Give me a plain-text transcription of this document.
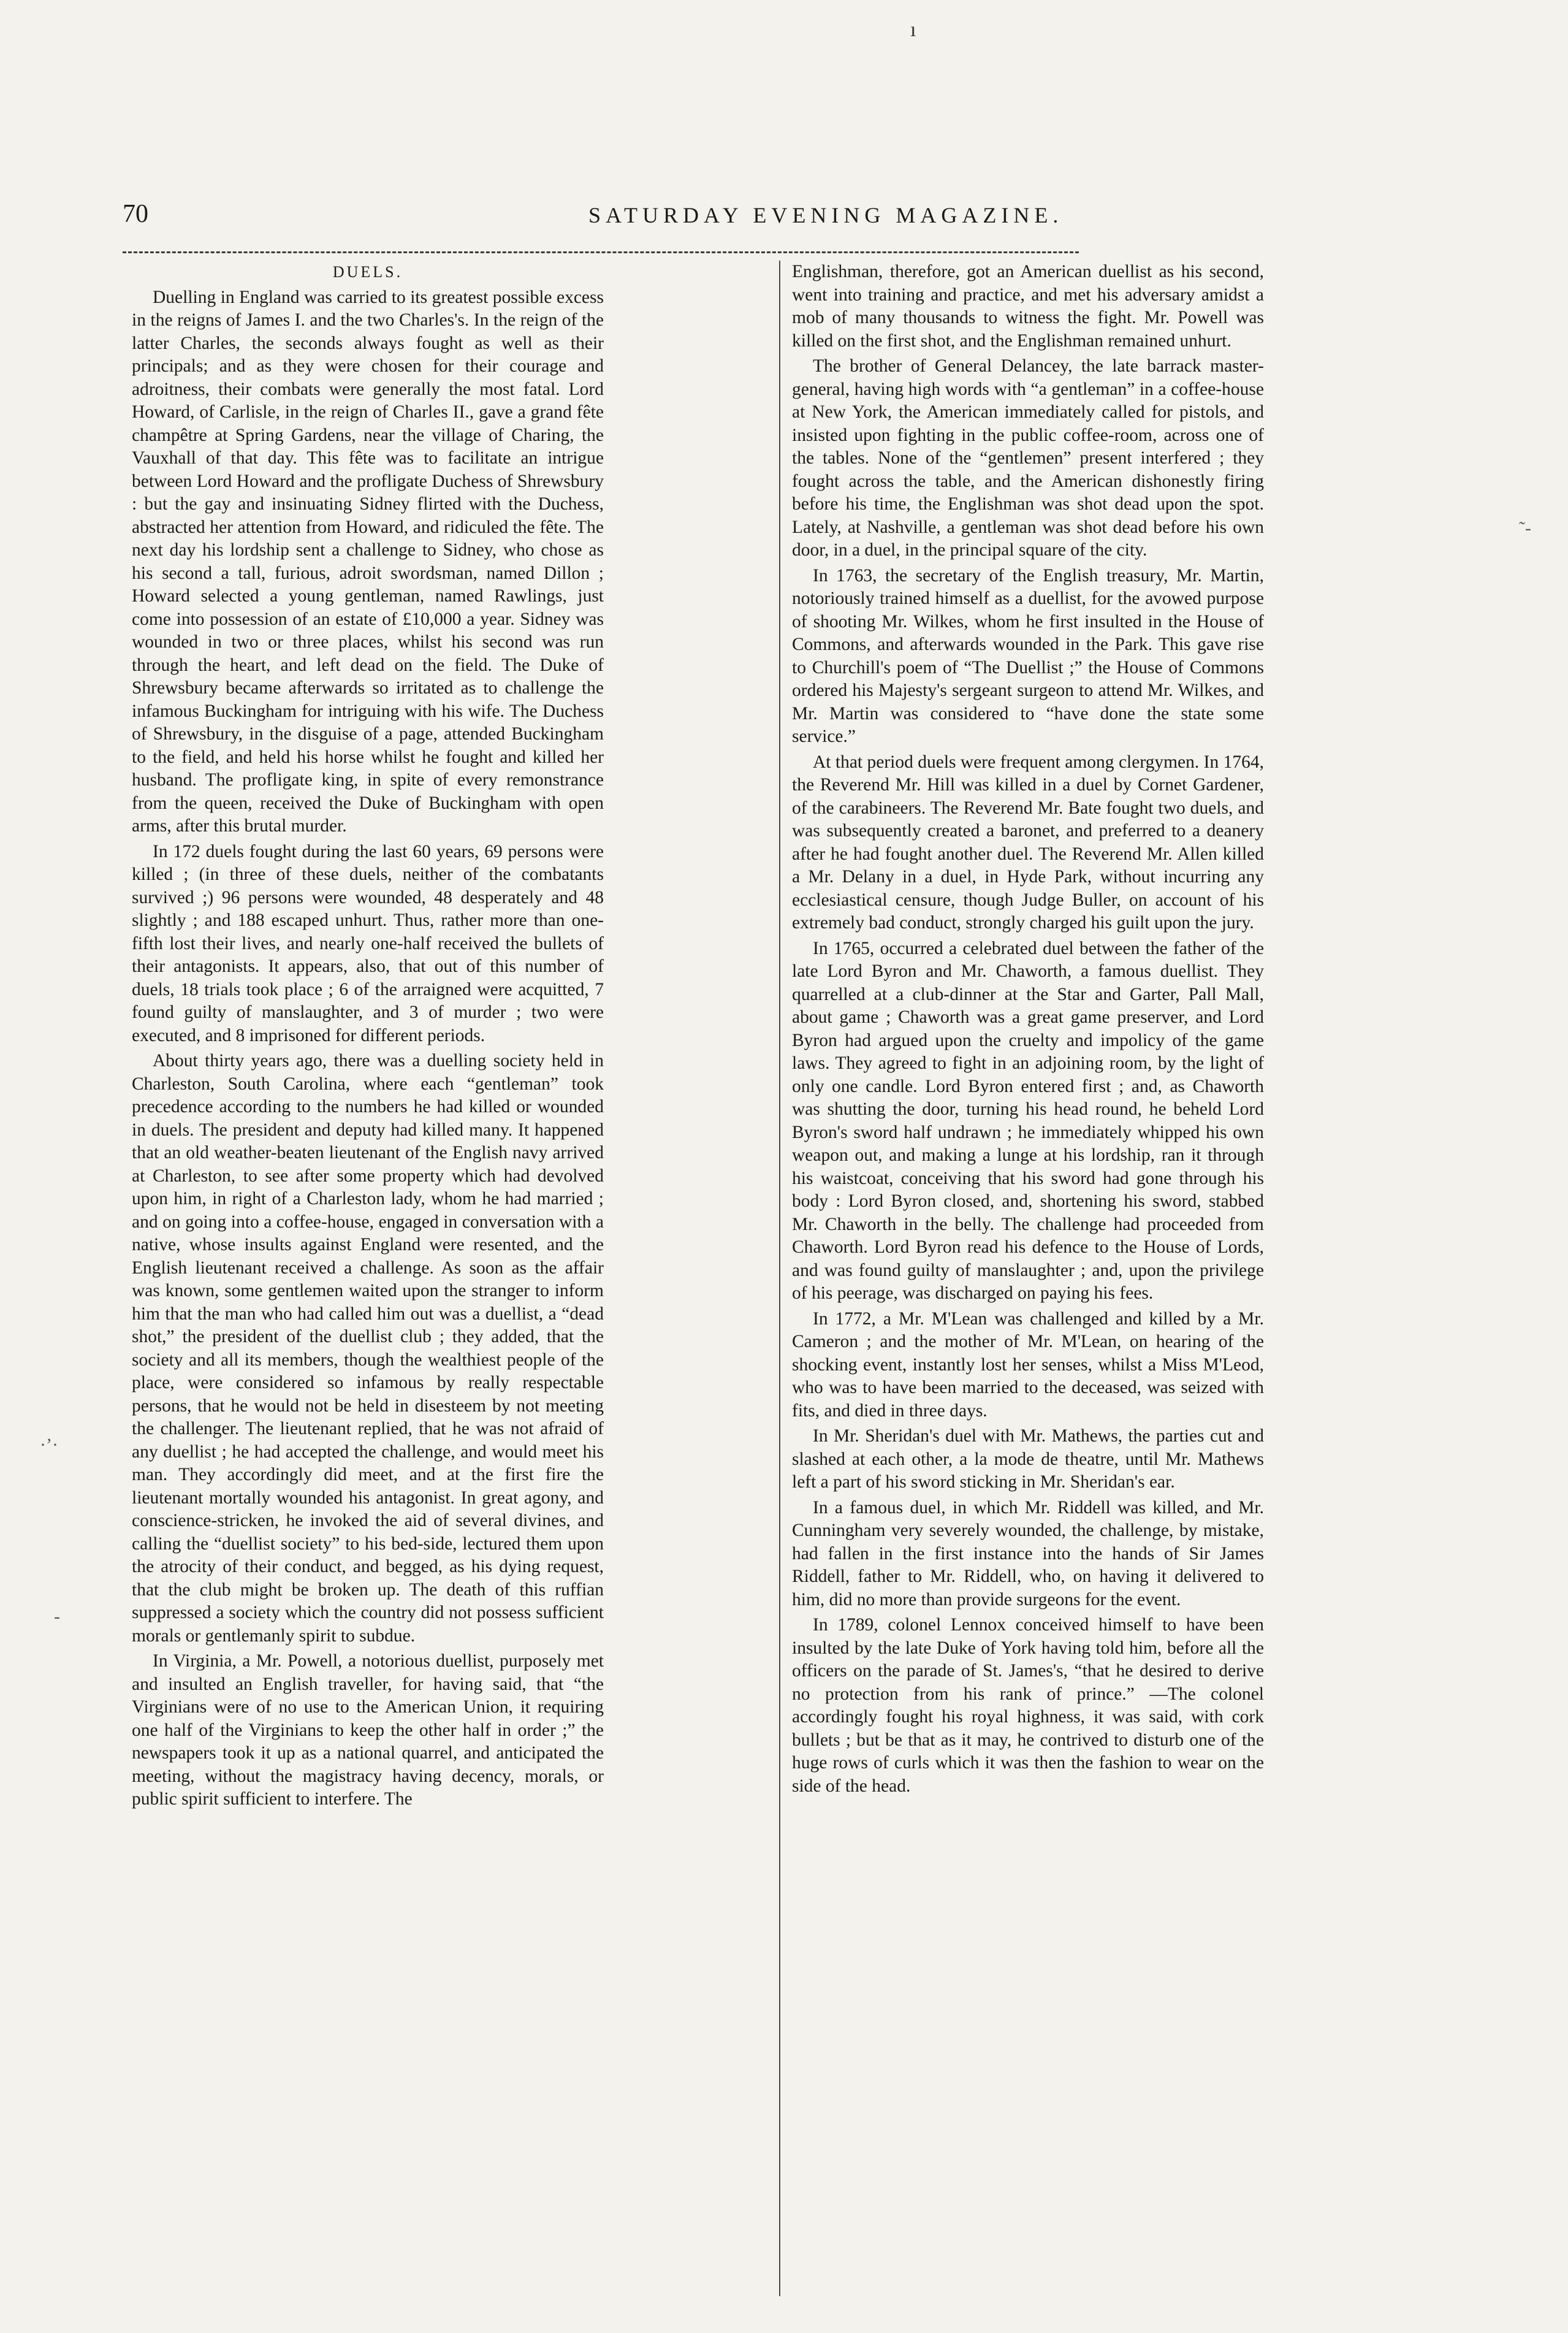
ı
70	SATURDAY EVENING MAGAZINE.
DUELS.

Duelling in England was carried to its greatest possible excess in the reigns of James I. and the two Charles's. In the reign of the latter Charles, the seconds always fought as well as their principals; and as they were chosen for their courage and adroitness, their combats were generally the most fatal. Lord Howard, of Carlisle, in the reign of Charles II., gave a grand fête champêtre at Spring Gardens, near the village of Charing, the Vauxhall of that day. This fête was to facilitate an intrigue between Lord Howard and the profligate Duchess of Shrewsbury : but the gay and insinuating Sidney flirted with the Duchess, abstracted her attention from Howard, and ridiculed the fête. The next day his lordship sent a challenge to Sidney, who chose as his second a tall, furious, adroit swordsman, named Dillon ; Howard selected a young gentleman, named Rawlings, just come into possession of an estate of £10,000 a year. Sidney was wounded in two or three places, whilst his second was run through the heart, and left dead on the field. The Duke of Shrewsbury became afterwards so irritated as to challenge the infamous Buckingham for intriguing with his wife. The Duchess of Shrewsbury, in the disguise of a page, attended Buckingham to the field, and held his horse whilst he fought and killed her husband. The profligate king, in spite of every remonstrance from the queen, received the Duke of Buckingham with open arms, after this brutal murder.

In 172 duels fought during the last 60 years, 69 persons were killed ; (in three of these duels, neither of the combatants survived ;) 96 persons were wounded, 48 desperately and 48 slightly ; and 188 escaped unhurt. Thus, rather more than one-fifth lost their lives, and nearly one-half received the bullets of their antagonists. It appears, also, that out of this number of duels, 18 trials took place ; 6 of the arraigned were acquitted, 7 found guilty of manslaughter, and 3 of murder ; two were executed, and 8 imprisoned for different periods.

About thirty years ago, there was a duelling society held in Charleston, South Carolina, where each “gentleman” took precedence according to the numbers he had killed or wounded in duels. The president and deputy had killed many. It happened that an old weather-beaten lieutenant of the English navy arrived at Charleston, to see after some property which had devolved upon him, in right of a Charleston lady, whom he had married ; and on going into a coffee-house, engaged in conversation with a native, whose insults against England were resented, and the English lieutenant received a challenge. As soon as the affair was known, some gentlemen waited upon the stranger to inform him that the man who had called him out was a duellist, a “dead shot,” the president of the duellist club ; they added, that the society and all its members, though the wealthiest people of the place, were considered so infamous by really respectable persons, that he would not be held in disesteem by not meeting the challenger. The lieutenant replied, that he was not afraid of any duellist ; he had accepted the challenge, and would meet his man. They accordingly did meet, and at the first fire the lieutenant mortally wounded his antagonist. In great agony, and conscience-stricken, he invoked the aid of several divines, and calling the “duellist society” to his bed-side, lectured them upon the atrocity of their conduct, and begged, as his dying request, that the club might be broken up. The death of this ruffian suppressed a society which the country did not possess sufficient morals or gentlemanly spirit to subdue.

In Virginia, a Mr. Powell, a notorious duellist, purposely met and insulted an English traveller, for having said, that “the Virginians were of no use to the American Union, it requiring one half of the Virginians to keep the other half in order ;” the newspapers took it up as a national quarrel, and anticipated the meeting, without the magistracy having decency, morals, or public spirit sufficient to interfere. The

Englishman, therefore, got an American duellist as his second, went into training and practice, and met his adversary amidst a mob of many thousands to witness the fight. Mr. Powell was killed on the first shot, and the Englishman remained unhurt.

The brother of General Delancey, the late barrack master-general, having high words with “a gentleman” in a coffee-house at New York, the American immediately called for pistols, and insisted upon fighting in the public coffee-room, across one of the tables. None of the “gentlemen” present interfered ; they fought across the table, and the American dishonestly firing before his time, the Englishman was shot dead upon the spot. Lately, at Nashville, a gentleman was shot dead before his own door, in a duel, in the principal square of the city.

In 1763, the secretary of the English treasury, Mr. Martin, notoriously trained himself as a duellist, for the avowed purpose of shooting Mr. Wilkes, whom he first insulted in the House of Commons, and afterwards wounded in the Park. This gave rise to Churchill's poem of “The Duellist ;” the House of Commons ordered his Majesty's sergeant surgeon to attend Mr. Wilkes, and Mr. Martin was considered to “have done the state some service.”

At that period duels were frequent among clergymen. In 1764, the Reverend Mr. Hill was killed in a duel by Cornet Gardener, of the carabineers. The Reverend Mr. Bate fought two duels, and was subsequently created a baronet, and preferred to a deanery after he had fought another duel. The Reverend Mr. Allen killed a Mr. Delany in a duel, in Hyde Park, without incurring any ecclesiastical censure, though Judge Buller, on account of his extremely bad conduct, strongly charged his guilt upon the jury.

In 1765, occurred a celebrated duel between the father of the late Lord Byron and Mr. Chaworth, a famous duellist. They quarrelled at a club-dinner at the Star and Garter, Pall Mall, about game ; Chaworth was a great game preserver, and Lord Byron had argued upon the cruelty and impolicy of the game laws. They agreed to fight in an adjoining room, by the light of only one candle. Lord Byron entered first ; and, as Chaworth was shutting the door, turning his head round, he beheld Lord Byron's sword half undrawn ; he immediately whipped his own weapon out, and making a lunge at his lordship, ran it through his waistcoat, conceiving that his sword had gone through his body : Lord Byron closed, and, shortening his sword, stabbed Mr. Chaworth in the belly. The challenge had proceeded from Chaworth. Lord Byron read his defence to the House of Lords, and was found guilty of manslaughter ; and, upon the privilege of his peerage, was discharged on paying his fees.

In 1772, a Mr. M'Lean was challenged and killed by a Mr. Cameron ; and the mother of Mr. M'Lean, on hearing of the shocking event, instantly lost her senses, whilst a Miss M'Leod, who was to have been married to the deceased, was seized with fits, and died in three days.

In Mr. Sheridan's duel with Mr. Mathews, the parties cut and slashed at each other, a la mode de theatre, until Mr. Mathews left a part of his sword sticking in Mr. Sheridan's ear.

In a famous duel, in which Mr. Riddell was killed, and Mr. Cunningham very severely wounded, the challenge, by mistake, had fallen in the first instance into the hands of Sir James Riddell, father to Mr. Riddell, who, on having it delivered to him, did no more than provide surgeons for the event.

In 1789, colonel Lennox conceived himself to have been insulted by the late Duke of York having told him, before all the officers on the parade of St. James's, “that he desired to derive no protection from his rank of prince.” —The colonel accordingly fought his royal highness, it was said, with cork bullets ; but be that as it may, he contrived to disturb one of the huge rows of curls which it was then the fashion to wear on the side of the head.

˜‐
·’·
-
